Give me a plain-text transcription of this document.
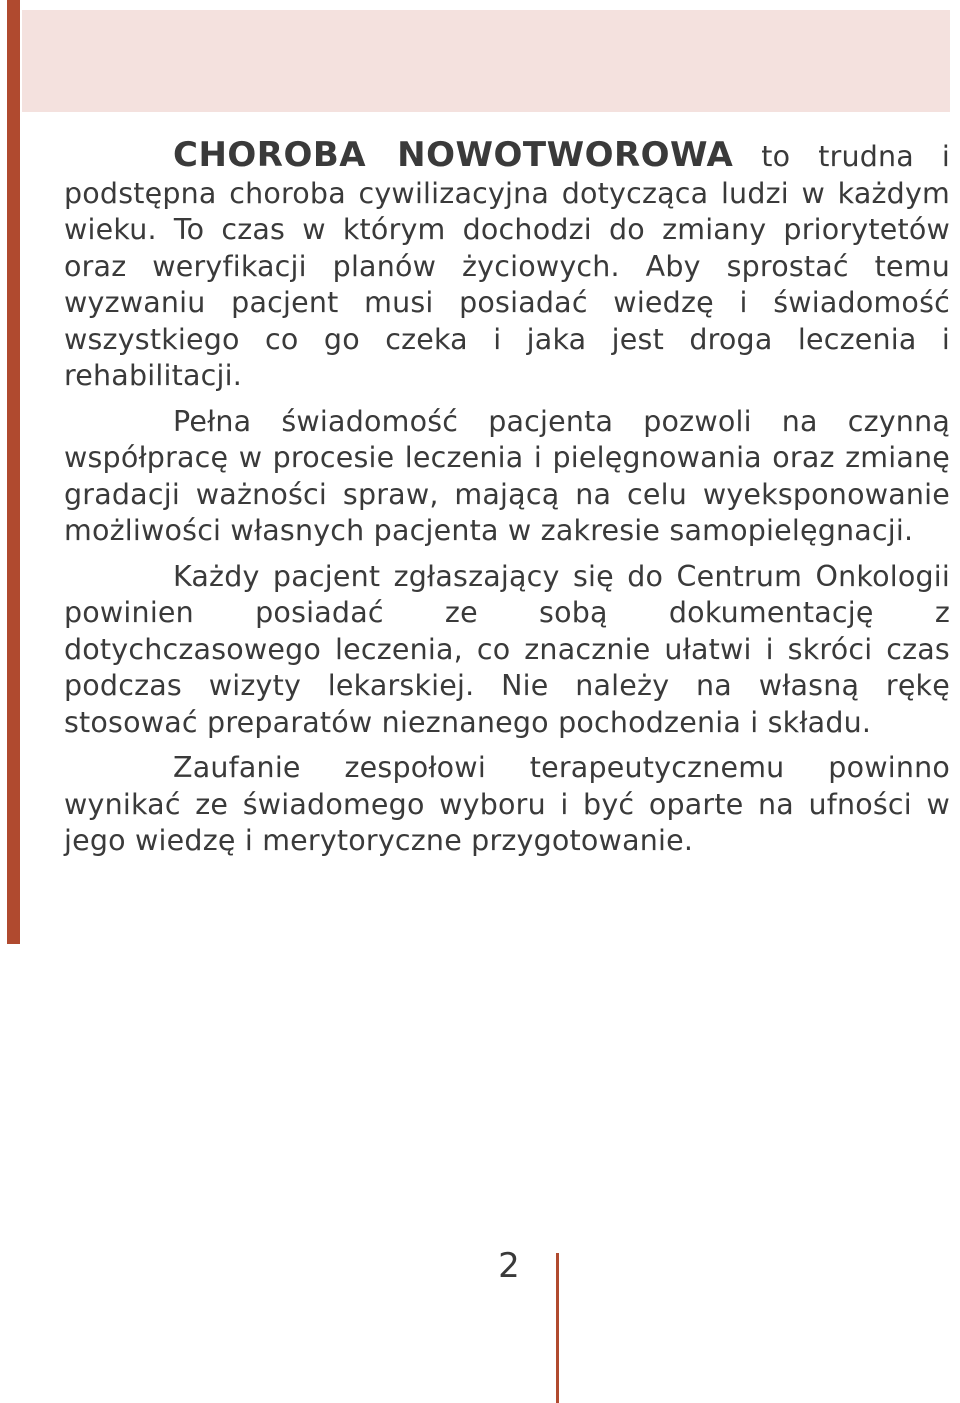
CHOROBA NOWOTWOROWA to trudna i podstępna choroba cywilizacyjna dotycząca ludzi w każdym wieku. To czas w którym dochodzi do zmiany priorytetów oraz weryfikacji planów życiowych. Aby sprostać temu wyzwaniu pacjent musi posiadać wiedzę i świadomość wszystkiego co go czeka i jaka jest droga leczenia i rehabilitacji.

Pełna świadomość pacjenta pozwoli na czynną współpracę w procesie leczenia i pielęgnowania oraz zmianę gradacji ważności spraw, mającą na celu wyeksponowanie możliwości własnych pacjenta w zakresie samopielęgnacji.

Każdy pacjent zgłaszający się do Centrum Onkologii powinien posiadać ze sobą dokumentację z dotychczasowego leczenia, co znacznie ułatwi i skróci czas podczas wizyty lekarskiej. Nie należy na własną rękę stosować preparatów nieznanego pochodzenia i składu.

Zaufanie zespołowi terapeutycznemu powinno wynikać ze świadomego wyboru i być oparte na ufności w jego wiedzę i merytoryczne przygotowanie.

2
